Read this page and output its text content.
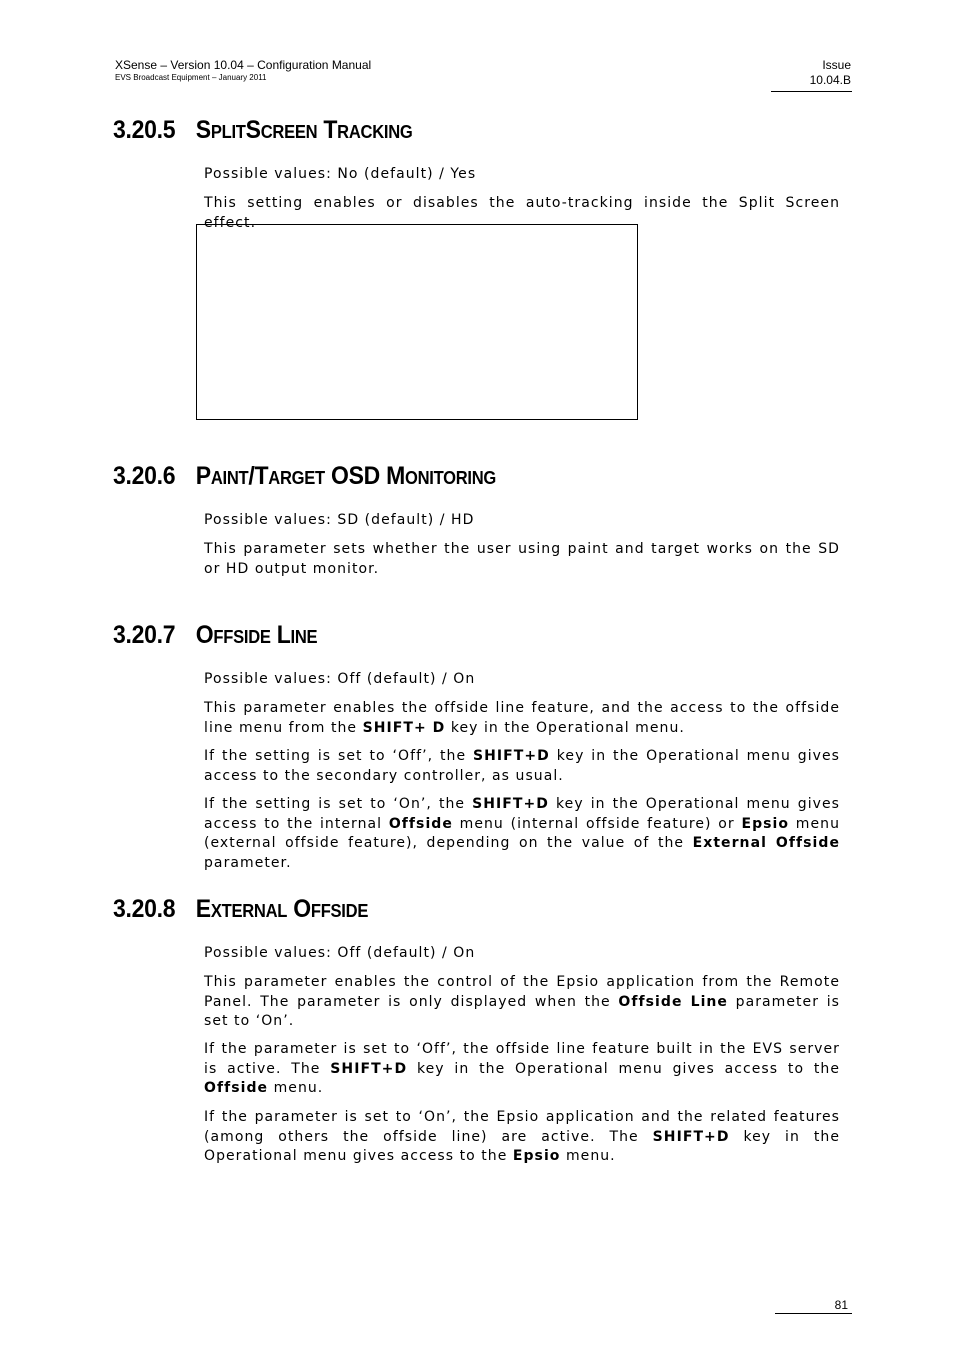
XSense – Version 10.04 – Configuration Manual
EVS Broadcast Equipment – January 2011
Issue
10.04.B
3.20.5 SplitScreen Tracking

Possible values: No (default) / Yes

This setting enables or disables the auto-tracking inside the Split Screen effect.

3.20.6 Paint/Target OSD Monitoring

Possible values: SD (default) / HD

This parameter sets whether the user using paint and target works on the SD or HD output monitor.

3.20.7 Offside Line

Possible values: Off (default) / On

This parameter enables the offside line feature, and the access to the offside line menu from the SHIFT+ D key in the Operational menu.

If the setting is set to ‘Off’, the SHIFT+D key in the Operational menu gives access to the secondary controller, as usual.

If the setting is set to ‘On’, the SHIFT+D key in the Operational menu gives access to the internal Offside menu (internal offside feature) or Epsio menu (external offside feature), depending on the value of the External Offside parameter.

3.20.8 External Offside

Possible values: Off (default) / On

This parameter enables the control of the Epsio application from the Remote Panel. The parameter is only displayed when the Offside Line parameter is set to ‘On’.

If the parameter is set to ‘Off’, the offside line feature built in the EVS server is active. The SHIFT+D key in the Operational menu gives access to the Offside menu.

If the parameter is set to ‘On’, the Epsio application and the related features (among others the offside line) are active. The SHIFT+D key in the Operational menu gives access to the Epsio menu.

81
